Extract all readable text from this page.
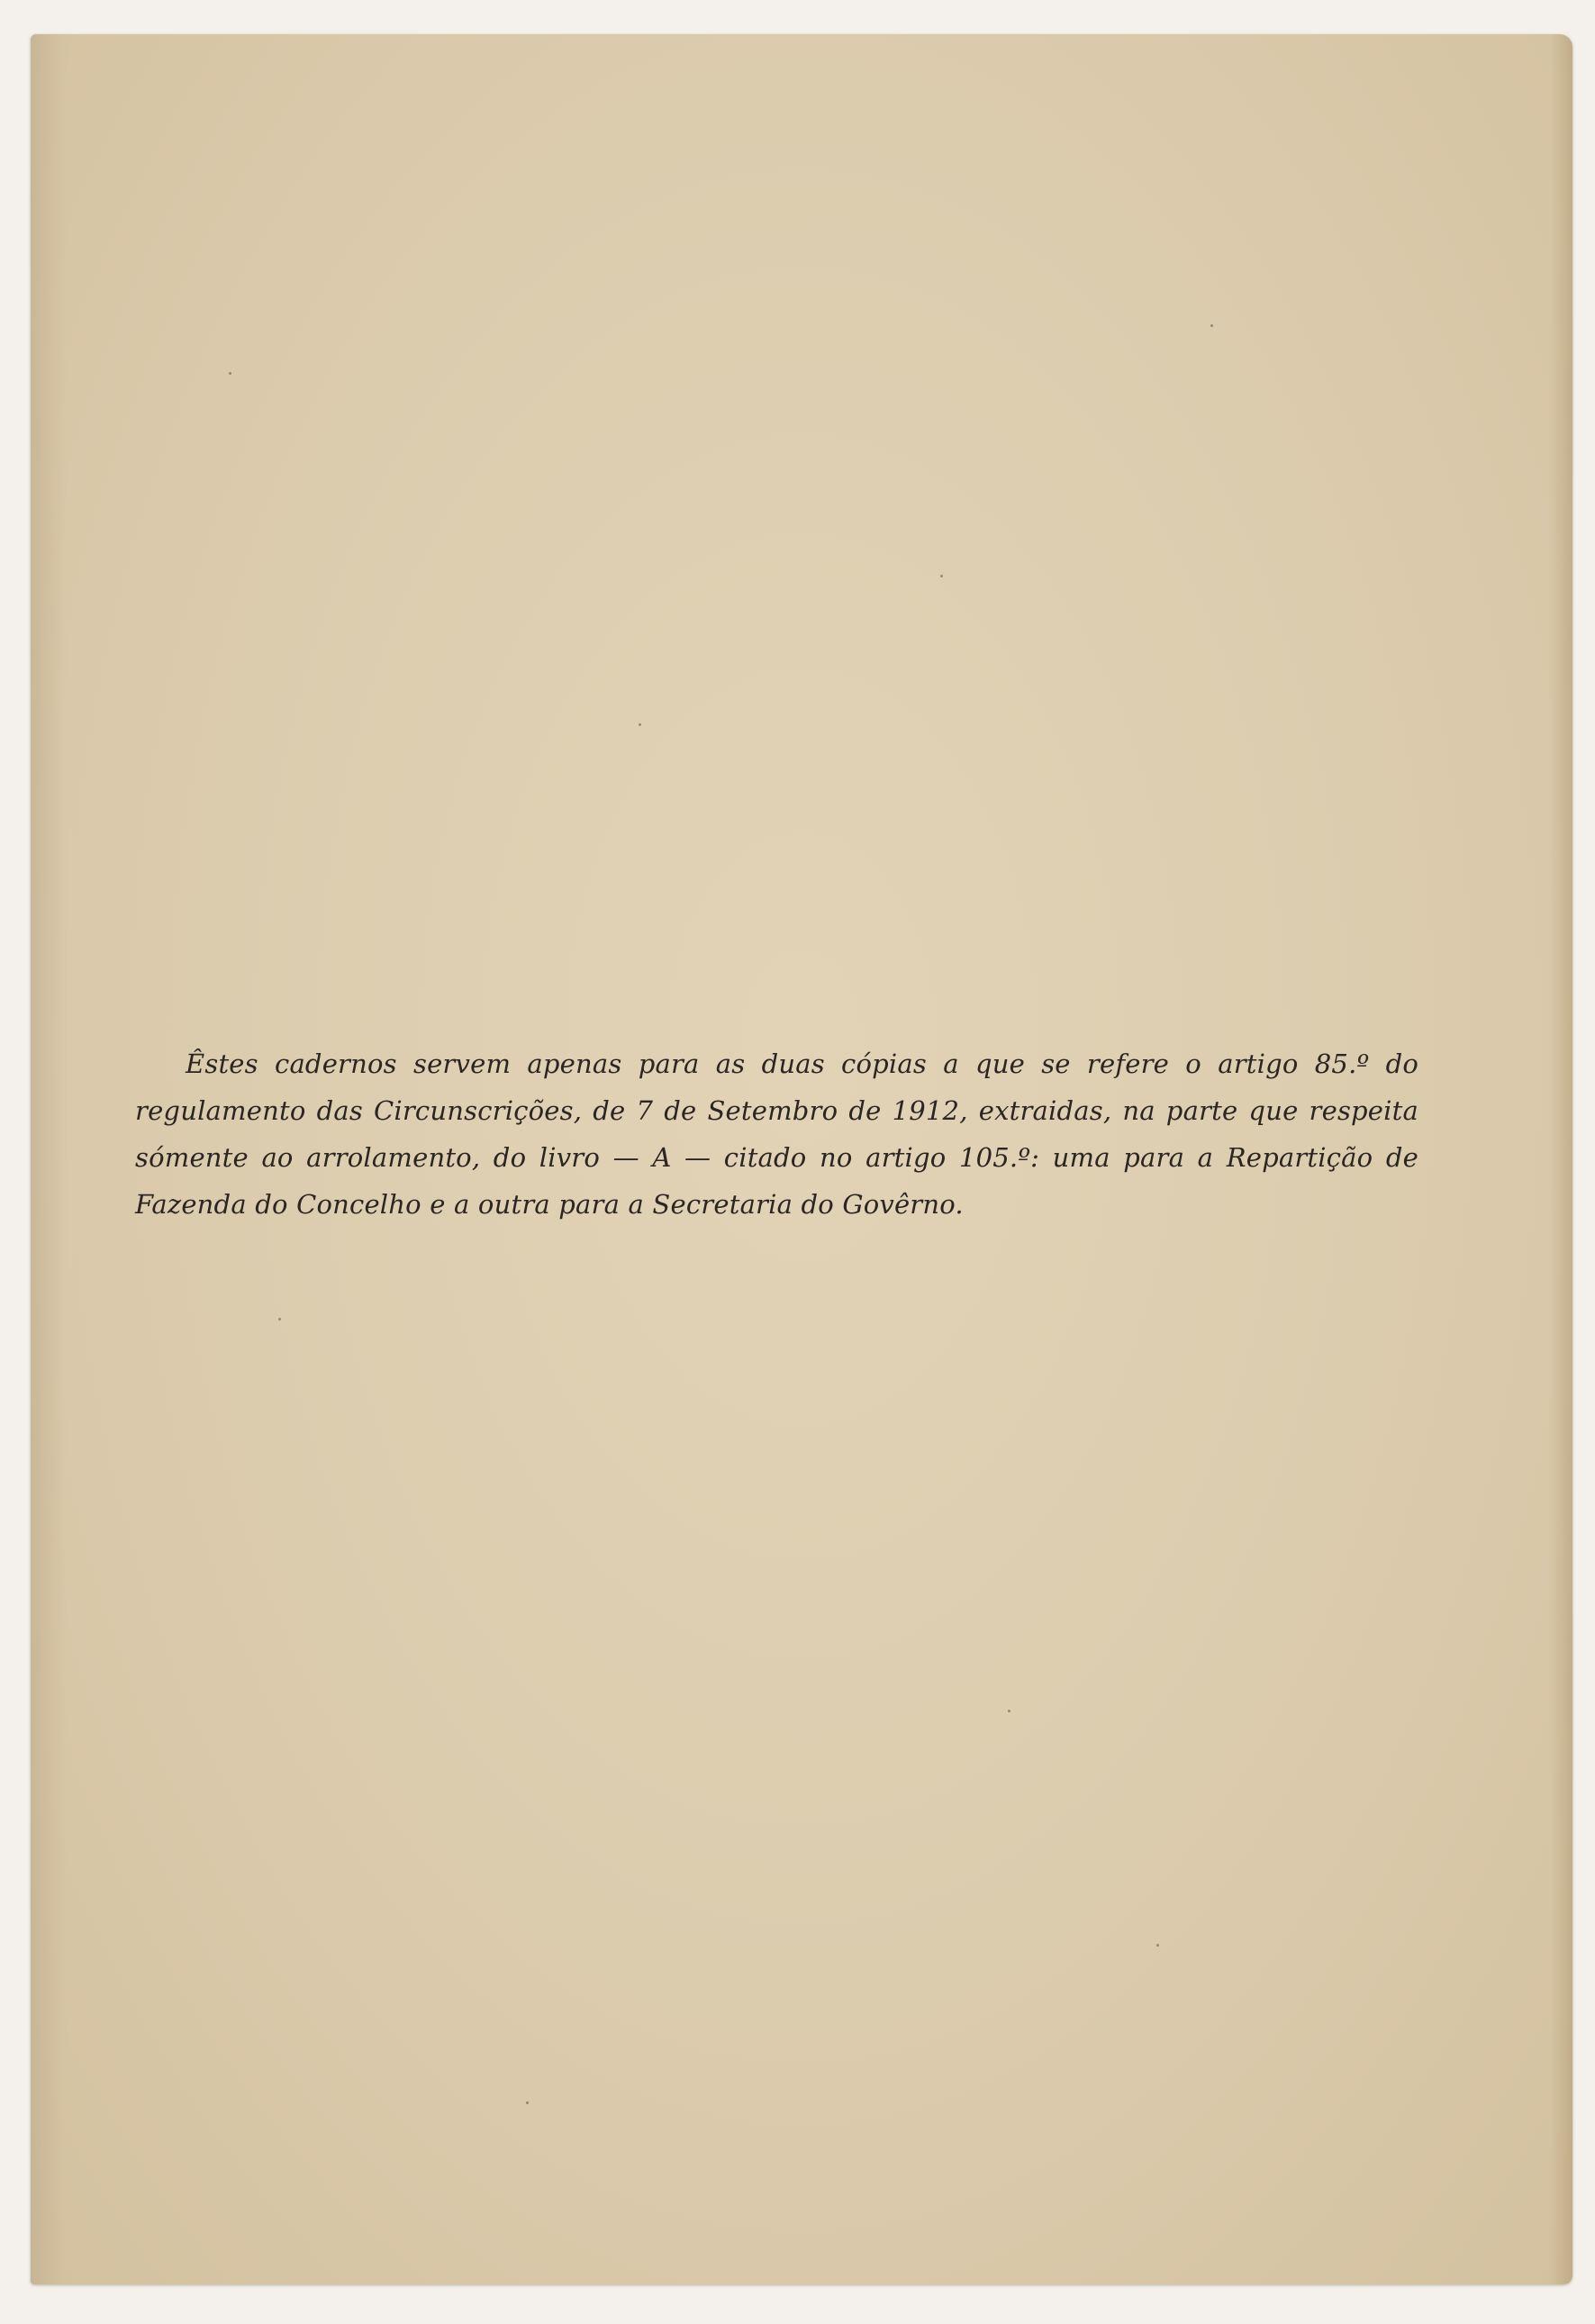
Êstes cadernos servem apenas para as duas cópias a que se refere o artigo 85.º do regulamento das Circunscrições, de 7 de Setembro de 1912, extraidas, na parte que respeita sómente ao arrolamento, do livro — A — citado no artigo 105.º: uma para a Repartição de Fazenda do Concelho e a outra para a Secretaria do Govêrno.
